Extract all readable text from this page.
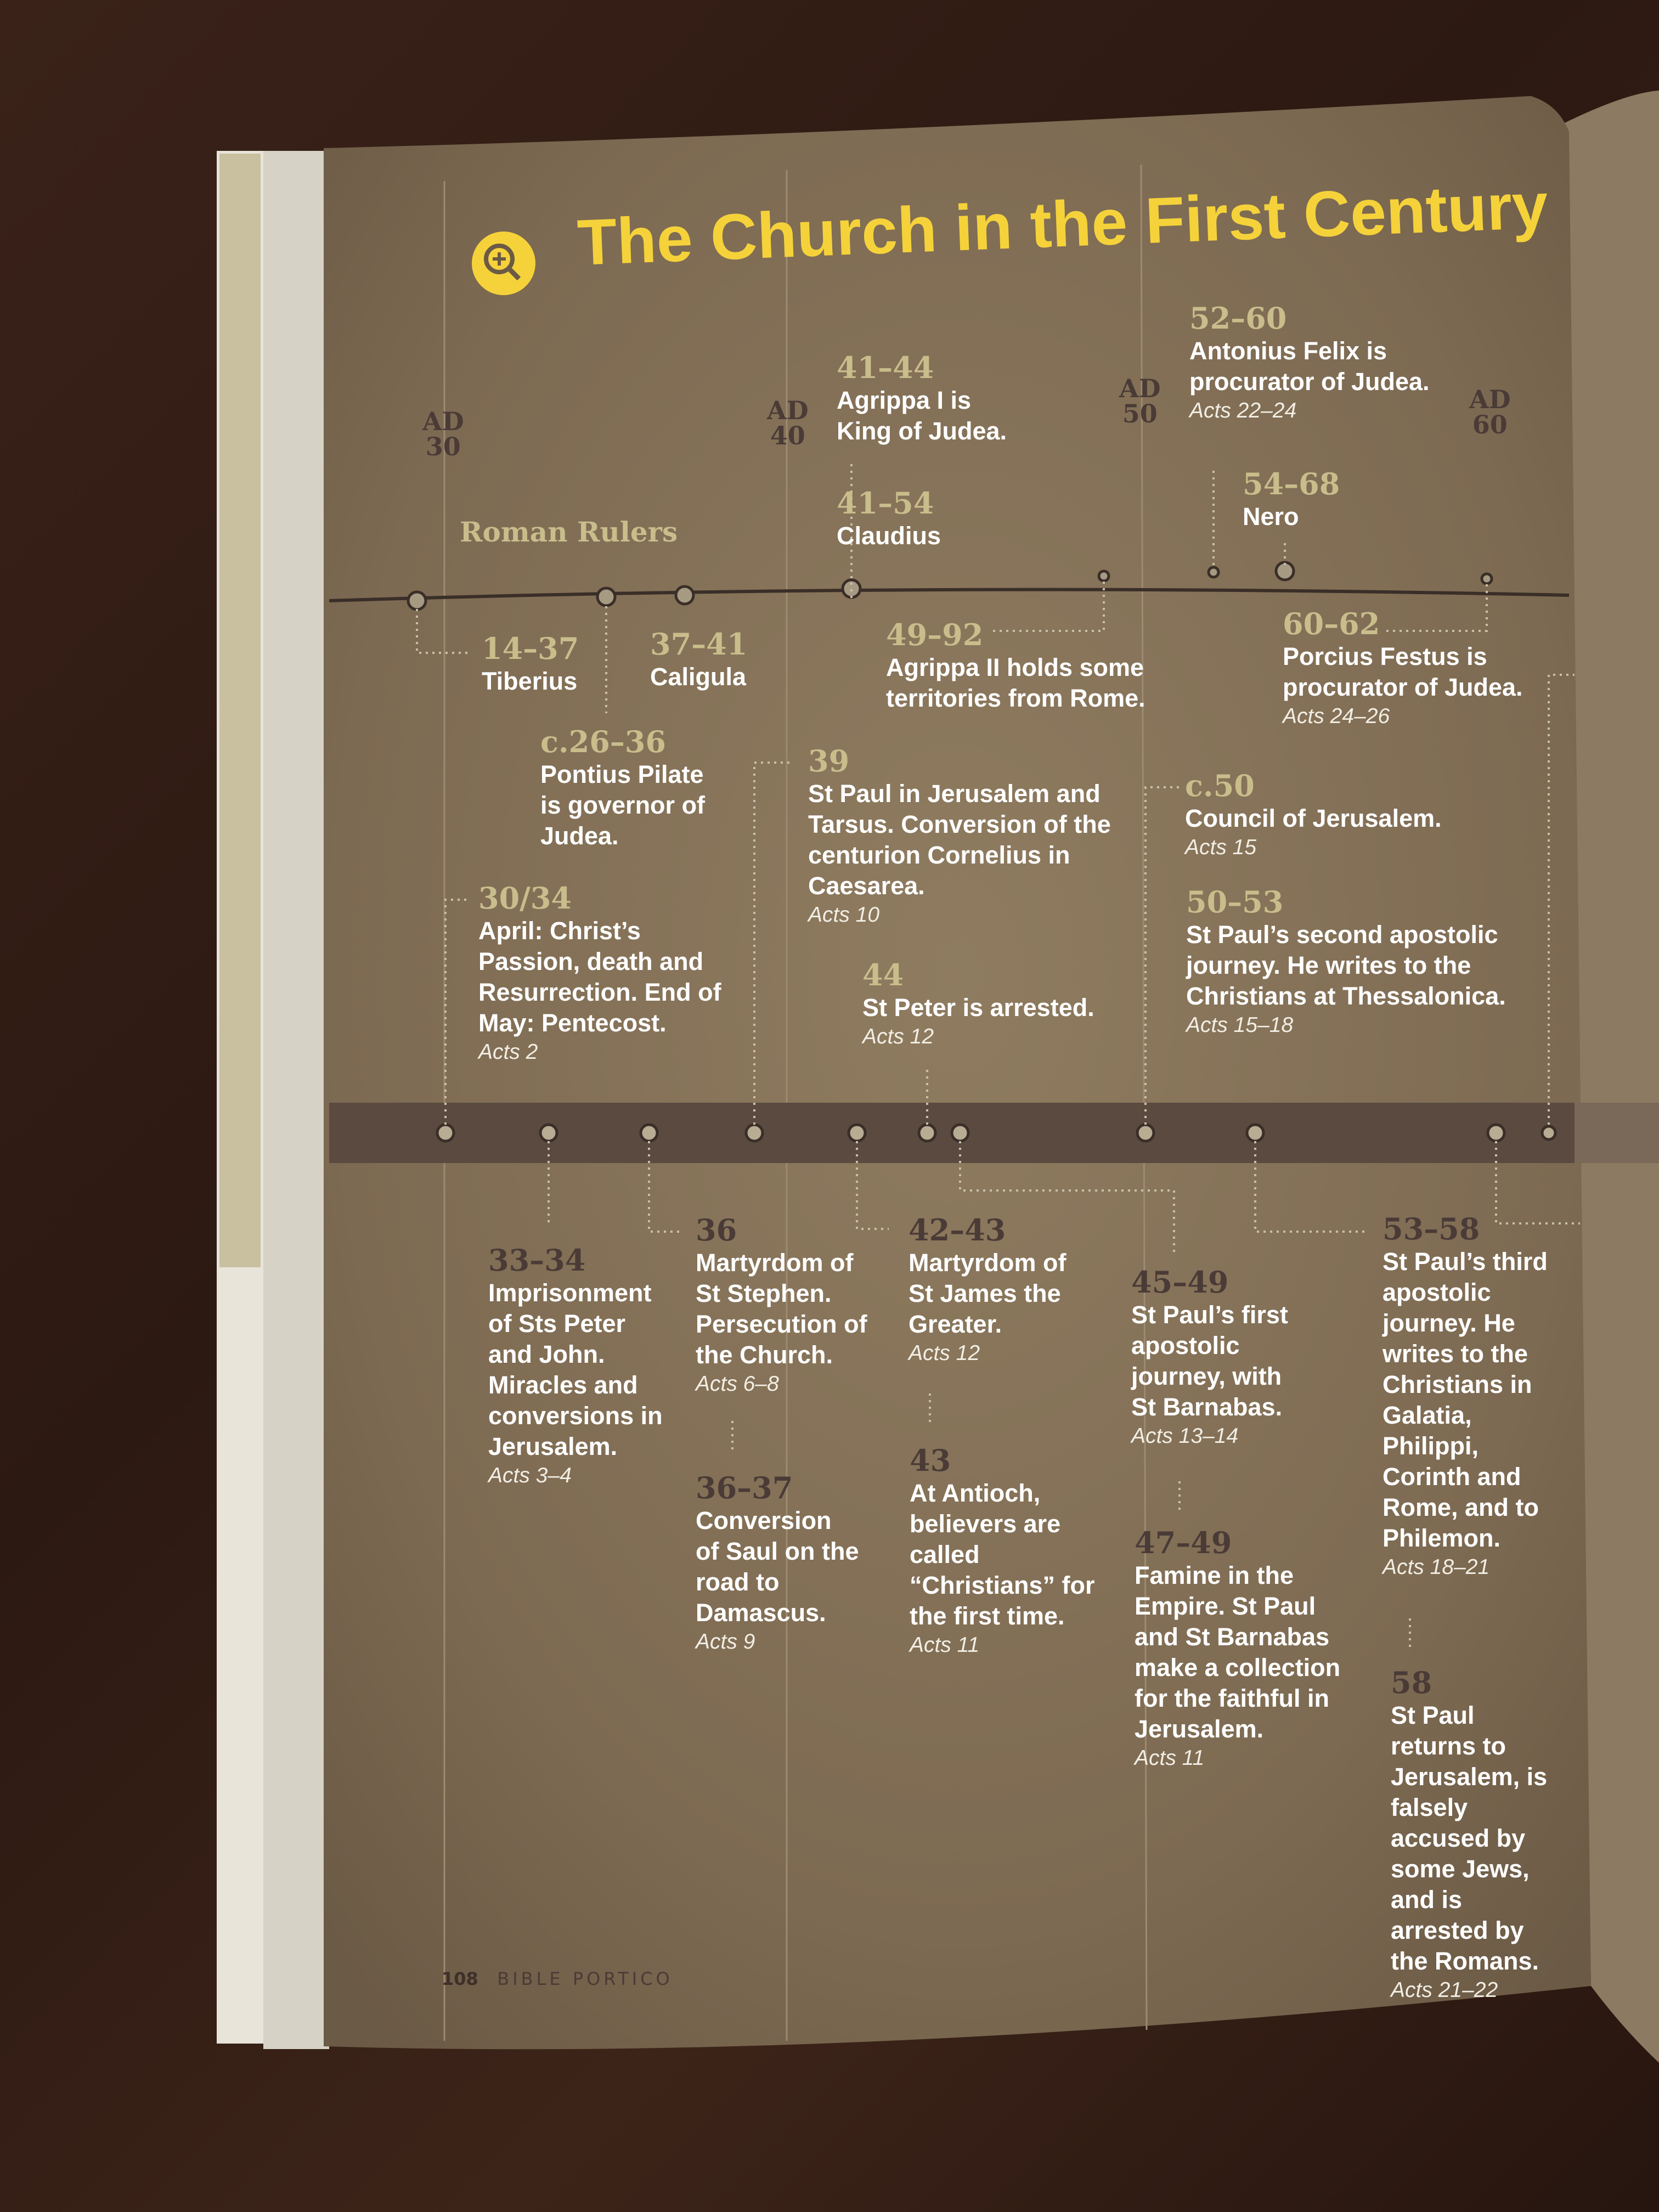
The Church in the First Century
AD
30
AD
40
AD
50	AD
60
Roman Rulers
14–37
Tiberius
c.26–36
Pontius Pilate is governor of Judea.
37–41
Caligula
41–44
Agrippa I is King of Judea.
41–54
Claudius
49–92
Agrippa II holds some territories from Rome.
52–60
Antonius Felix is procurator of Judea.
Acts 22–24
54–68
Nero
60–62
Porcius Festus is procurator of Judea.
Acts 24–26
30/34
April: Christ’s Passion, death and Resurrection. End of May: Pentecost.
Acts 2
39
St Paul in Jerusalem and Tarsus. Conversion of the centurion Cornelius in Caesarea.
Acts 10
44
St Peter is arrested.
Acts 12
c.50
Council of Jerusalem.
Acts 15
50–53
St Paul’s second apostolic journey. He writes to the Christians at Thessalonica.
Acts 15–18
33–34
Imprisonment of Sts Peter and John. Miracles and conversions in Jerusalem.
Acts 3–4
36
Martyrdom of St Stephen. Persecution of the Church.
Acts 6–8
36–37
Conversion of Saul on the road to Damascus.
Acts 9
42–43
Martyrdom of St James the Greater.
Acts 12
43
At Antioch, believers are called “Christians” for the first time.
Acts 11
45–49
St Paul’s first apostolic journey, with St Barnabas.
Acts 13–14
47–49
Famine in the Empire. St Paul and St Barnabas make a collection for the faithful in Jerusalem.
Acts 11
53–58
St Paul’s third apostolic journey. He writes to the Christians in Galatia, Philippi, Corinth and Rome, and to Philemon.
Acts 18–21
58
St Paul returns to Jerusalem, is falsely accused by some Jews, and is arrested by the Romans.
Acts 21–22
108 BIBLE PORTICO
